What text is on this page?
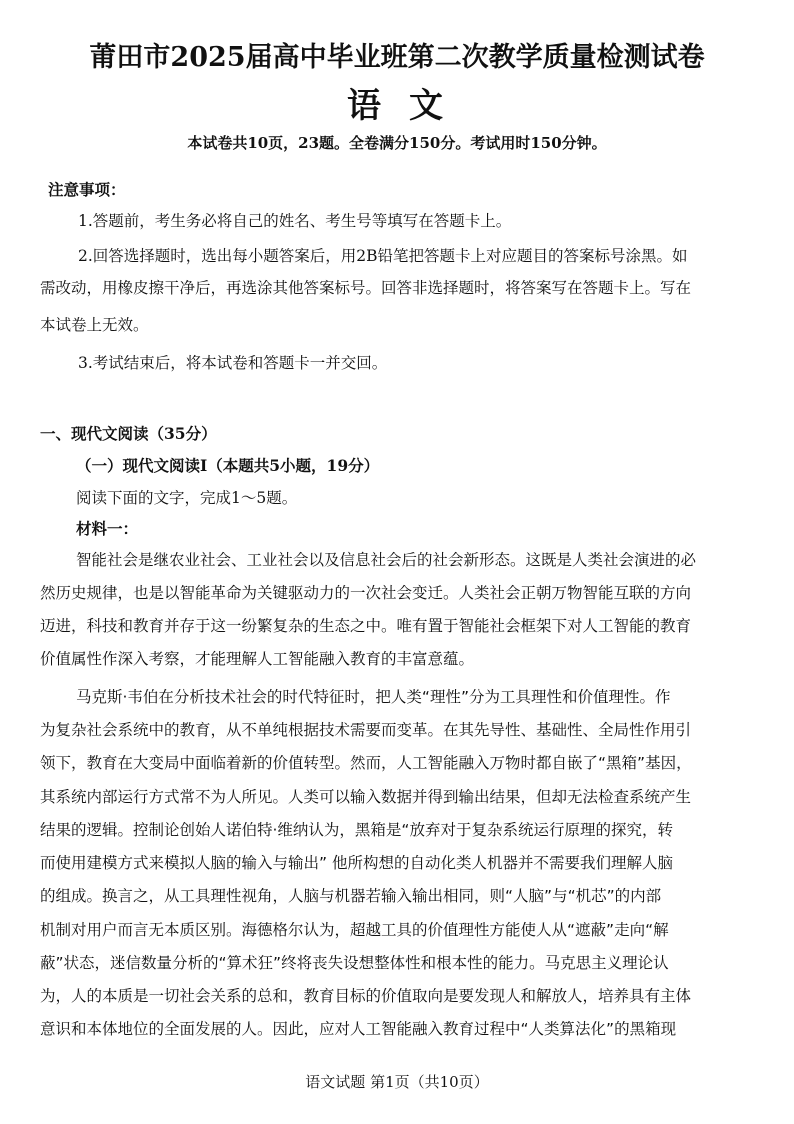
莆田市2025届高中毕业班第二次教学质量检测试卷
语文
本试卷共10页，23题。全卷满分150分。考试用时150分钟。
注意事项：
1.答题前，考生务必将自己的姓名、考生号等填写在答题卡上。
2.回答选择题时，选出每小题答案后，用2B铅笔把答题卡上对应题目的答案标号涂黑。如
需改动，用橡皮擦干净后，再选涂其他答案标号。回答非选择题时，将答案写在答题卡上。写在
本试卷上无效。
3.考试结束后，将本试卷和答题卡一并交回。
一、现代文阅读（35分）
（一）现代文阅读Ⅰ（本题共5小题，19分）
阅读下面的文字，完成1～5题。
材料一：
智能社会是继农业社会、工业社会以及信息社会后的社会新形态。这既是人类社会演进的必
然历史规律，也是以智能革命为关键驱动力的一次社会变迁。人类社会正朝万物智能互联的方向
迈进，科技和教育并存于这一纷繁复杂的生态之中。唯有置于智能社会框架下对人工智能的教育
价值属性作深入考察，才能理解人工智能融入教育的丰富意蕴。
马克斯·韦伯在分析技术社会的时代特征时，把人类“理性”分为工具理性和价值理性。作
为复杂社会系统中的教育，从不单纯根据技术需要而变革。在其先导性、基础性、全局性作用引
领下，教育在大变局中面临着新的价值转型。然而，人工智能融入万物时都自嵌了“黑箱”基因，
其系统内部运行方式常不为人所见。人类可以输入数据并得到输出结果，但却无法检查系统产生
结果的逻辑。控制论创始人诺伯特·维纳认为，黑箱是“放弃对于复杂系统运行原理的探究，转
而使用建模方式来模拟人脑的输入与输出” 他所构想的自动化类人机器并不需要我们理解人脑
的组成。换言之，从工具理性视角，人脑与机器若输入输出相同，则“人脑”与“机芯”的内部
机制对用户而言无本质区别。海德格尔认为，超越工具的价值理性方能使人从“遮蔽”走向“解
蔽”状态，迷信数量分析的“算术狂”终将丧失设想整体性和根本性的能力。马克思主义理论认
为，人的本质是一切社会关系的总和，教育目标的价值取向是要发现人和解放人，培养具有主体
意识和本体地位的全面发展的人。因此，应对人工智能融入教育过程中“人类算法化”的黑箱现
语文试题 第1页（共10页）
